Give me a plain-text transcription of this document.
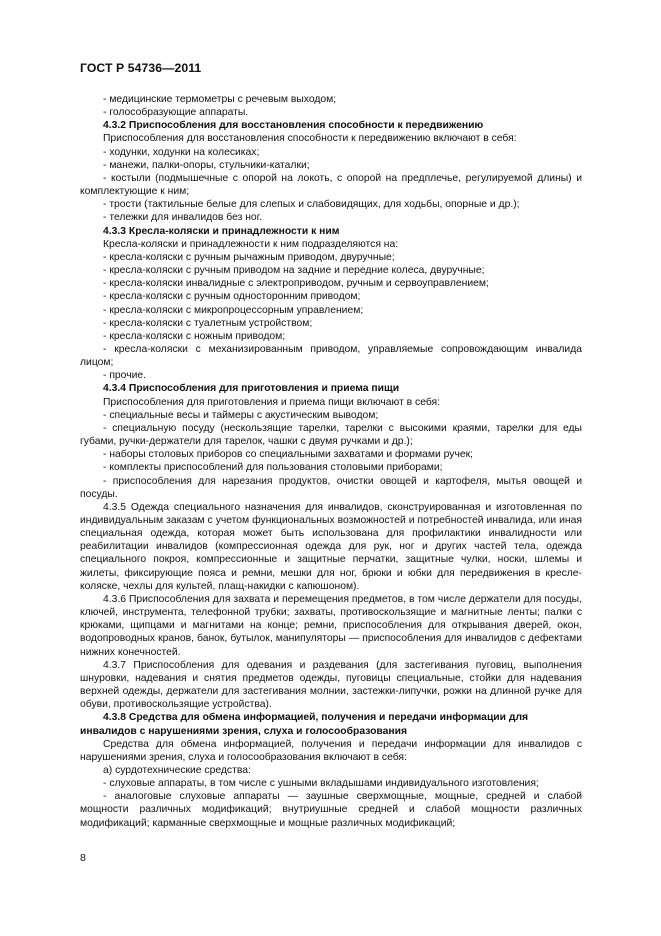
ГОСТ Р 54736—2011

- медицинские термометры с речевым выходом;

- голособразующие аппараты.

4.3.2 Приспособления для восстановления способности к передвижению

Приспособления для восстановления способности к передвижению включают в себя:

- ходунки, ходунки на колесиках;

- манежи, палки-опоры, стульчики-каталки;

- костыли (подмышечные с опорой на локоть, с опорой на предплечье, регулируемой длины) и комплектующие к ним;

- трости (тактильные белые для слепых и слабовидящих, для ходьбы, опорные и др.);

- тележки для инвалидов без ног.

4.3.3 Кресла-коляски и принадлежности к ним

Кресла-коляски и принадлежности к ним подразделяются на:

- кресла-коляски с ручным рычажным приводом, двуручные;

- кресла-коляски с ручным приводом на задние и передние колеса, двуручные;

- кресла-коляски инвалидные с электроприводом, ручным и сервоуправлением;

- кресла-коляски с ручным односторонним приводом;

- кресла-коляски с микропроцессорным управлением;

- кресла-коляски с туалетным устройством;

- кресла-коляски с ножным приводом;

- кресла-коляски с механизированным приводом, управляемые сопровождающим инвалида лицом;

- прочие.

4.3.4 Приспособления для приготовления и приема пищи

Приспособления для приготовления и приема пищи включают в себя:

- специальные весы и таймеры с акустическим выводом;

- специальную посуду (нескользящие тарелки, тарелки с высокими краями, тарелки для еды губами, ручки-держатели для тарелок, чашки с двумя ручками и др.);

- наборы столовых приборов со специальными захватами и формами ручек;

- комплекты приспособлений для пользования столовыми приборами;

- приспособления для нарезания продуктов, очистки овощей и картофеля, мытья овощей и посуды.

4.3.5 Одежда специального назначения для инвалидов, сконструированная и изготовленная по индивидуальным заказам с учетом функциональных возможностей и потребностей инвалида, или иная специальная одежда, которая может быть использована для профилактики инвалидности или реабилитации инвалидов (компрессионная одежда для рук, ног и других частей тела, одежда специального покроя, компрессионные и защитные перчатки, защитные чулки, носки, шлемы и жилеты, фиксирующие пояса и ремни, мешки для ног, брюки и юбки для передвижения в кресле-коляске, чехлы для культей, плащ-накидки с капюшоном).

4.3.6 Приспособления для захвата и перемещения предметов, в том числе держатели для посуды, ключей, инструмента, телефонной трубки; захваты, противоскользящие и магнитные ленты; палки с крюками, щипцами и магнитами на конце; ремни, приспособления для открывания дверей, окон, водопроводных кранов, банок, бутылок, манипуляторы — приспособления для инвалидов с дефектами нижних конечностей.

4.3.7 Приспособления для одевания и раздевания (для застегивания пуговиц, выполнения шнуровки, надевания и снятия предметов одежды, пуговицы специальные, стойки для надевания верхней одежды, держатели для застегивания молнии, застежки-липучки, рожки на длинной ручке для обуви, противоскользящие устройства).

4.3.8 Средства для обмена информацией, получения и передачи информации для инвалидов с нарушениями зрения, слуха и голосообразования

Средства для обмена информацией, получения и передачи информации для инвалидов с нарушениями зрения, слуха и голосообразования включают в себя:

а) сурдотехнические средства:

- слуховые аппараты, в том числе с ушными вкладышами индивидуального изготовления;

- аналоговые слуховые аппараты — заушные сверхмощные, мощные, средней и слабой мощности различных модификаций; внутриушные средней и слабой мощности различных модификаций; карманные сверхмощные и мощные различных модификаций;

8
